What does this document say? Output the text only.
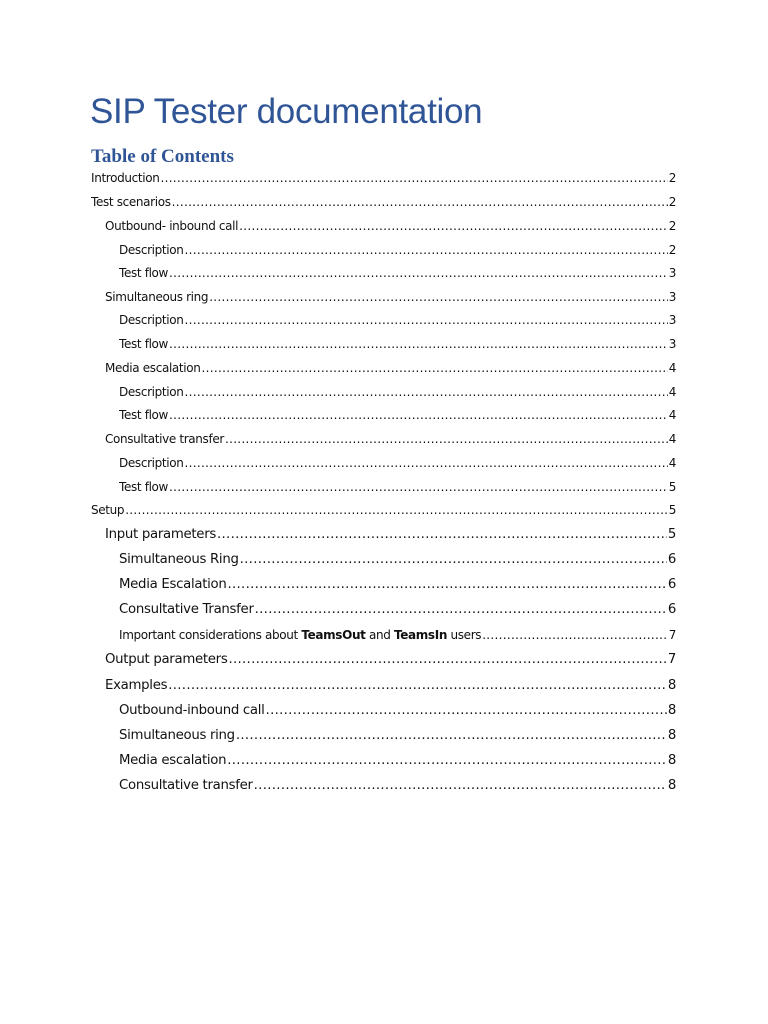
SIP Tester documentation
Table of Contents
Introduction .....	2
Test scenarios .....	2
Outbound- inbound call .....	2
Description .....	2
Test flow .....	3
Simultaneous ring .....	3
Description .....	3
Test flow .....	3
Media escalation .....	4
Description .....	4
Test flow .....	4
Consultative transfer .....	4
Description .....	4
Test flow .....	5
Setup .....	5
Input parameters .....	5
Simultaneous Ring .....	6
Media Escalation .....	6
Consultative Transfer .....	6
Important considerations about TeamsOut and TeamsIn users .....	7
Output parameters .....	7
Examples .....	8
Outbound-inbound call .....	8
Simultaneous ring .....	8
Media escalation .....	8
Consultative transfer .....	8
